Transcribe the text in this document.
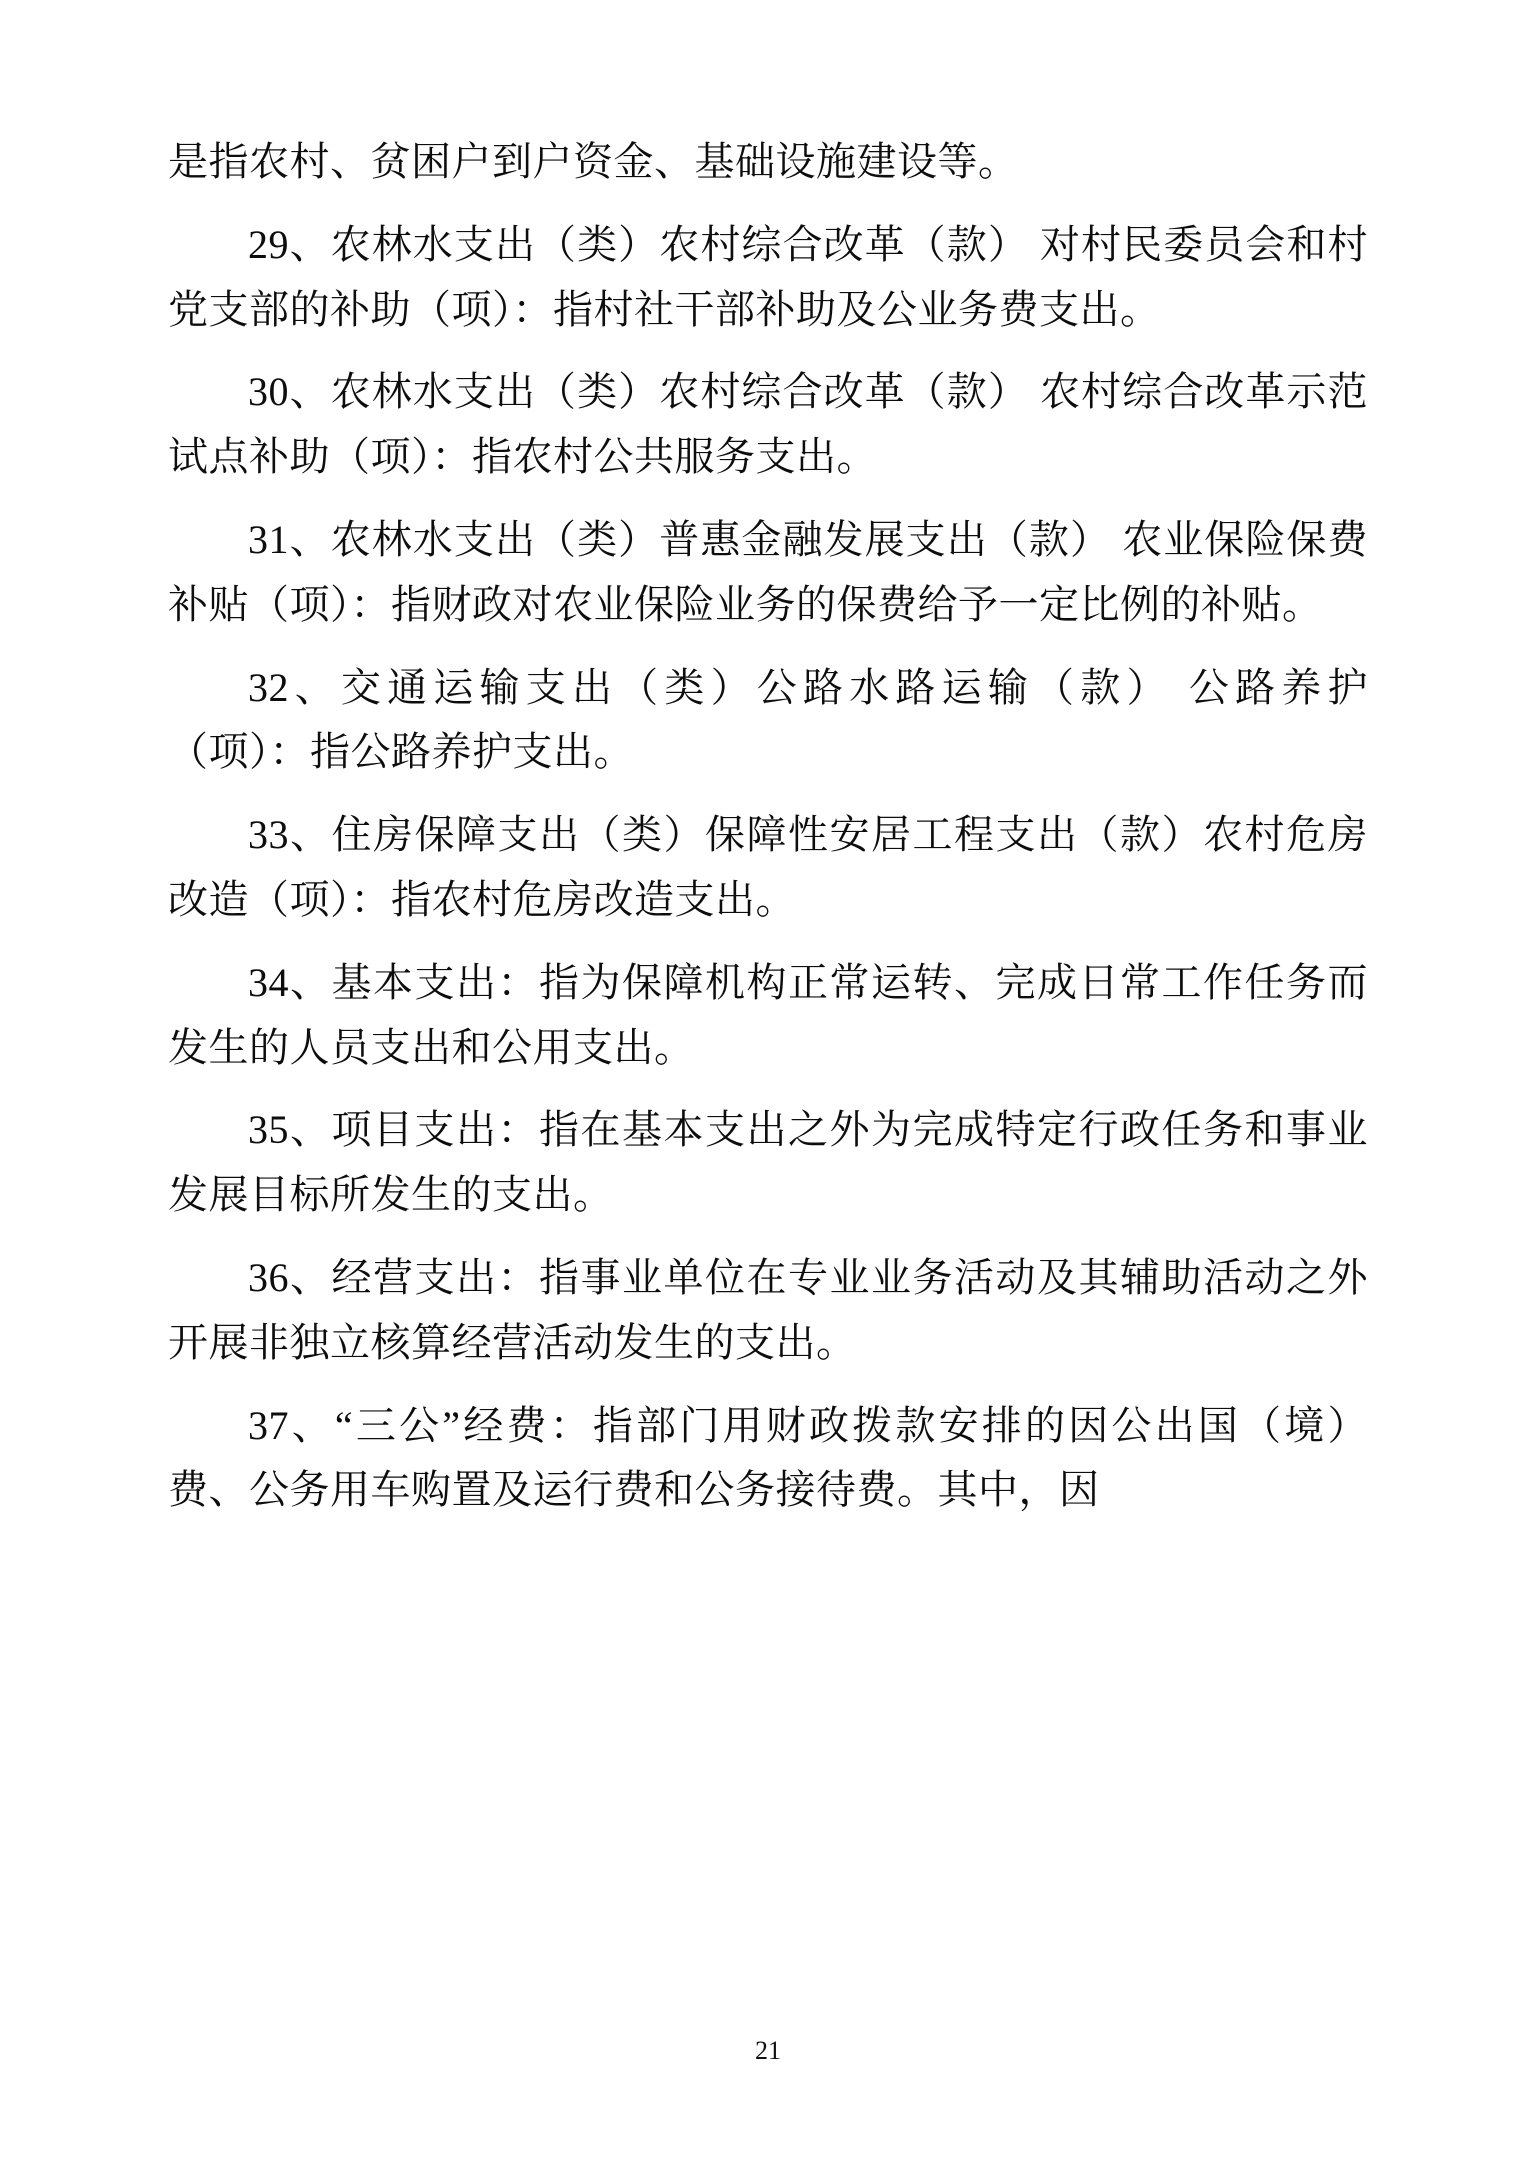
是指农村、贫困户到户资金、基础设施建设等。

29、农林水支出（类）农村综合改革（款） 对村民委员会和村党支部的补助（项）：指村社干部补助及公业务费支出。

30、农林水支出（类）农村综合改革（款） 农村综合改革示范试点补助（项）：指农村公共服务支出。

31、农林水支出（类）普惠金融发展支出（款） 农业保险保费补贴（项）：指财政对农业保险业务的保费给予一定比例的补贴。

32、交通运输支出（类）公路水路运输（款） 公路养护（项）：指公路养护支出。

33、住房保障支出（类）保障性安居工程支出（款）农村危房改造（项）：指农村危房改造支出。

34、基本支出：指为保障机构正常运转、完成日常工作任务而发生的人员支出和公用支出。

35、项目支出：指在基本支出之外为完成特定行政任务和事业发展目标所发生的支出。

36、经营支出：指事业单位在专业业务活动及其辅助活动之外开展非独立核算经营活动发生的支出。

37、“三公”经费：指部门用财政拨款安排的因公出国（境）费、公务用车购置及运行费和公务接待费。其中，因

21
